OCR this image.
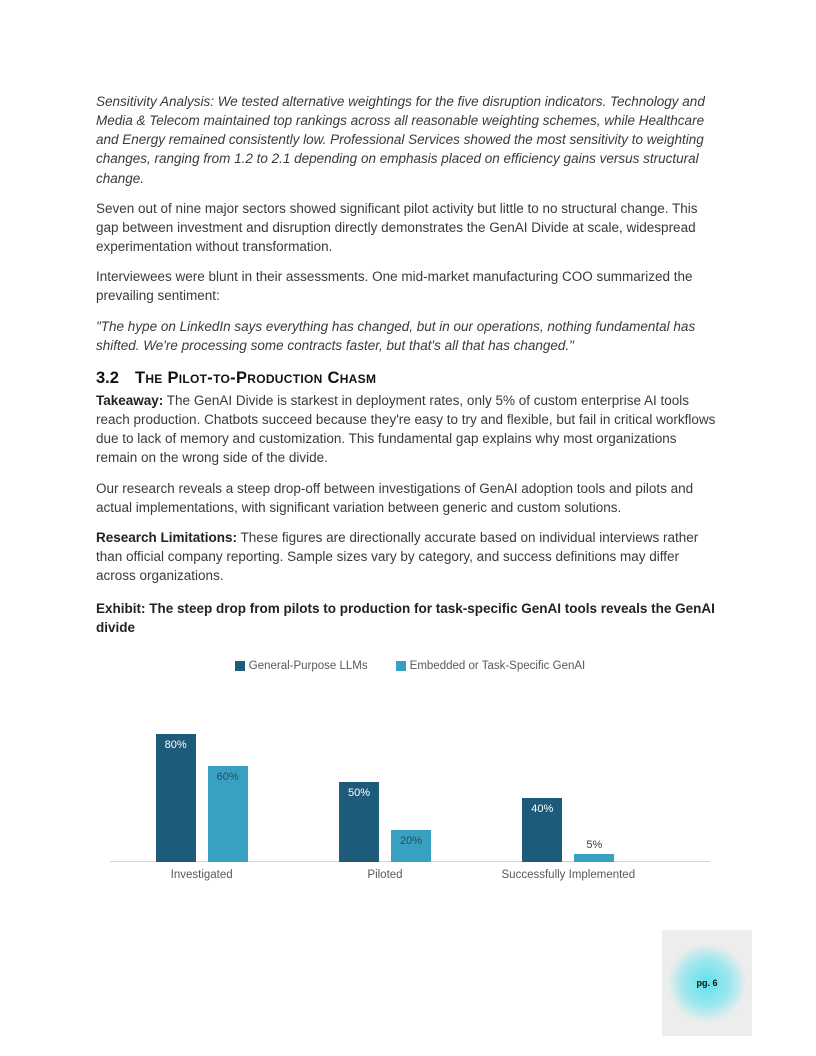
Sensitivity Analysis: We tested alternative weightings for the five disruption indicators. Technology and Media & Telecom maintained top rankings across all reasonable weighting schemes, while Healthcare and Energy remained consistently low. Professional Services showed the most sensitivity to weighting changes, ranging from 1.2 to 2.1 depending on emphasis placed on efficiency gains versus structural change.

Seven out of nine major sectors showed significant pilot activity but little to no structural change. This gap between investment and disruption directly demonstrates the GenAI Divide at scale, widespread experimentation without transformation.

Interviewees were blunt in their assessments. One mid-market manufacturing COO summarized the prevailing sentiment:

"The hype on LinkedIn says everything has changed, but in our operations, nothing fundamental has shifted. We're processing some contracts faster, but that's all that has changed."

3.2 The Pilot-to-Production Chasm

Takeaway: The GenAI Divide is starkest in deployment rates, only 5% of custom enterprise AI tools reach production. Chatbots succeed because they're easy to try and flexible, but fail in critical workflows due to lack of memory and customization. This fundamental gap explains why most organizations remain on the wrong side of the divide.

Our research reveals a steep drop-off between investigations of GenAI adoption tools and pilots and actual implementations, with significant variation between generic and custom solutions.

Research Limitations: These figures are directionally accurate based on individual interviews rather than official company reporting. Sample sizes vary by category, and success definitions may differ across organizations.

Exhibit: The steep drop from pilots to production for task-specific GenAI tools reveals the GenAI divide

General-Purpose LLMs	Embedded or Task-Specific GenAI
80%
60%
50%
20%
40%
5%
Investigated	Piloted	Successfully Implemented
pg. 6
